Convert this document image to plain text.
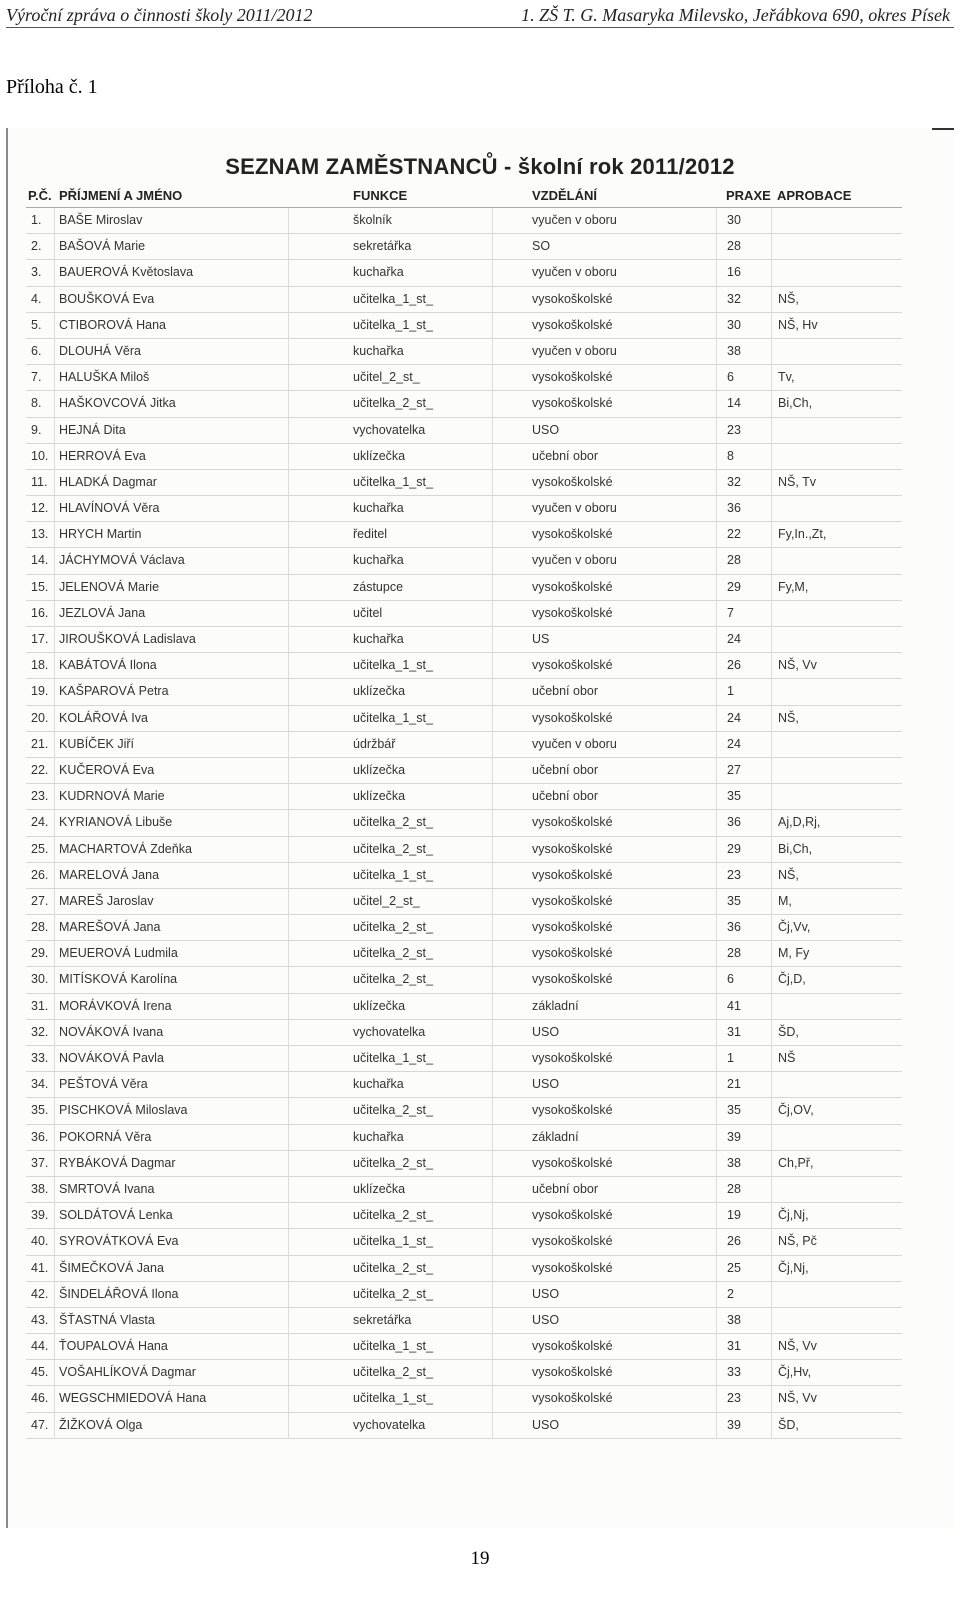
Výroční zpráva o činnosti školy 2011/2012	1. ZŠ T. G. Masaryka Milevsko, Jeřábkova 690, okres Písek
Příloha č. 1
SEZNAM ZAMĚSTNANCŮ - školní rok 2011/2012
P.Č. PŘÍJMENÍ A JMÉNO	FUNKCE	VZDĚLÁNÍ	PRAXE APROBACE
1. BAŠE Miroslav	školník	vyučen v oboru	30
2. BAŠOVÁ Marie	sekretářka	SO	28
3. BAUEROVÁ Květoslava	kuchařka	vyučen v oboru	16
4. BOUŠKOVÁ Eva	učitelka_1_st_	vysokoškolské	32	NŠ,
5. CTIBOROVÁ Hana	učitelka_1_st_	vysokoškolské	30	NŠ, Hv
6. DLOUHÁ Věra	kuchařka	vyučen v oboru	38
7. HALUŠKA Miloš	učitel_2_st_	vysokoškolské	6	Tv,
8. HAŠKOVCOVÁ Jitka	učitelka_2_st_	vysokoškolské	14	Bi,Ch,
9. HEJNÁ Dita	vychovatelka	USO	23
10. HERROVÁ Eva	uklízečka	učební obor	8
11. HLADKÁ Dagmar	učitelka_1_st_	vysokoškolské	32	NŠ, Tv
12. HLAVÍNOVÁ Věra	kuchařka	vyučen v oboru	36
13. HRYCH Martin	ředitel	vysokoškolské	22	Fy,In.,Zt,
14. JÁCHYMOVÁ Václava	kuchařka	vyučen v oboru	28
15. JELENOVÁ Marie	zástupce	vysokoškolské	29	Fy,M,
16. JEZLOVÁ Jana	učitel	vysokoškolské	7
17. JIROUŠKOVÁ Ladislava	kuchařka	US	24
18. KABÁTOVÁ Ilona	učitelka_1_st_	vysokoškolské	26	NŠ, Vv
19. KAŠPAROVÁ Petra	uklízečka	učební obor	1
20. KOLÁŘOVÁ Iva	učitelka_1_st_	vysokoškolské	24	NŠ,
21. KUBÍČEK Jiří	údržbář	vyučen v oboru	24
22. KUČEROVÁ Eva	uklízečka	učební obor	27
23. KUDRNOVÁ Marie	uklízečka	učební obor	35
24. KYRIANOVÁ Libuše	učitelka_2_st_	vysokoškolské	36	Aj,D,Rj,
25. MACHARTOVÁ Zdeňka	učitelka_2_st_	vysokoškolské	29	Bi,Ch,
26. MARELOVÁ Jana	učitelka_1_st_	vysokoškolské	23	NŠ,
27. MAREŠ Jaroslav	učitel_2_st_	vysokoškolské	35	M,
28. MAREŠOVÁ Jana	učitelka_2_st_	vysokoškolské	36	Čj,Vv,
29. MEUEROVÁ Ludmila	učitelka_2_st_	vysokoškolské	28	M, Fy
30. MITÍSKOVÁ Karolína	učitelka_2_st_	vysokoškolské	6	Čj,D,
31. MORÁVKOVÁ Irena	uklízečka	základní	41
32. NOVÁKOVÁ Ivana	vychovatelka	USO	31	ŠD,
33. NOVÁKOVÁ Pavla	učitelka_1_st_	vysokoškolské	1	NŠ
34. PEŠTOVÁ Věra	kuchařka	USO	21
35. PISCHKOVÁ Miloslava	učitelka_2_st_	vysokoškolské	35	Čj,OV,
36. POKORNÁ Věra	kuchařka	základní	39
37. RYBÁKOVÁ Dagmar	učitelka_2_st_	vysokoškolské	38	Ch,Př,
38. SMRTOVÁ Ivana	uklízečka	učební obor	28
39. SOLDÁTOVÁ Lenka	učitelka_2_st_	vysokoškolské	19	Čj,Nj,
40. SYROVÁTKOVÁ Eva	učitelka_1_st_	vysokoškolské	26	NŠ, Pč
41. ŠIMEČKOVÁ Jana	učitelka_2_st_	vysokoškolské	25	Čj,Nj,
42. ŠINDELÁŘOVÁ Ilona	učitelka_2_st_	USO	2
43. ŠŤASTNÁ Vlasta	sekretářka	USO	38
44. ŤOUPALOVÁ Hana	učitelka_1_st_	vysokoškolské	31	NŠ, Vv
45. VOŠAHLÍKOVÁ Dagmar	učitelka_2_st_	vysokoškolské	33	Čj,Hv,
46. WEGSCHMIEDOVÁ Hana	učitelka_1_st_	vysokoškolské	23	NŠ, Vv
47. ŽIŽKOVÁ Olga	vychovatelka	USO	39	ŠD,
19
